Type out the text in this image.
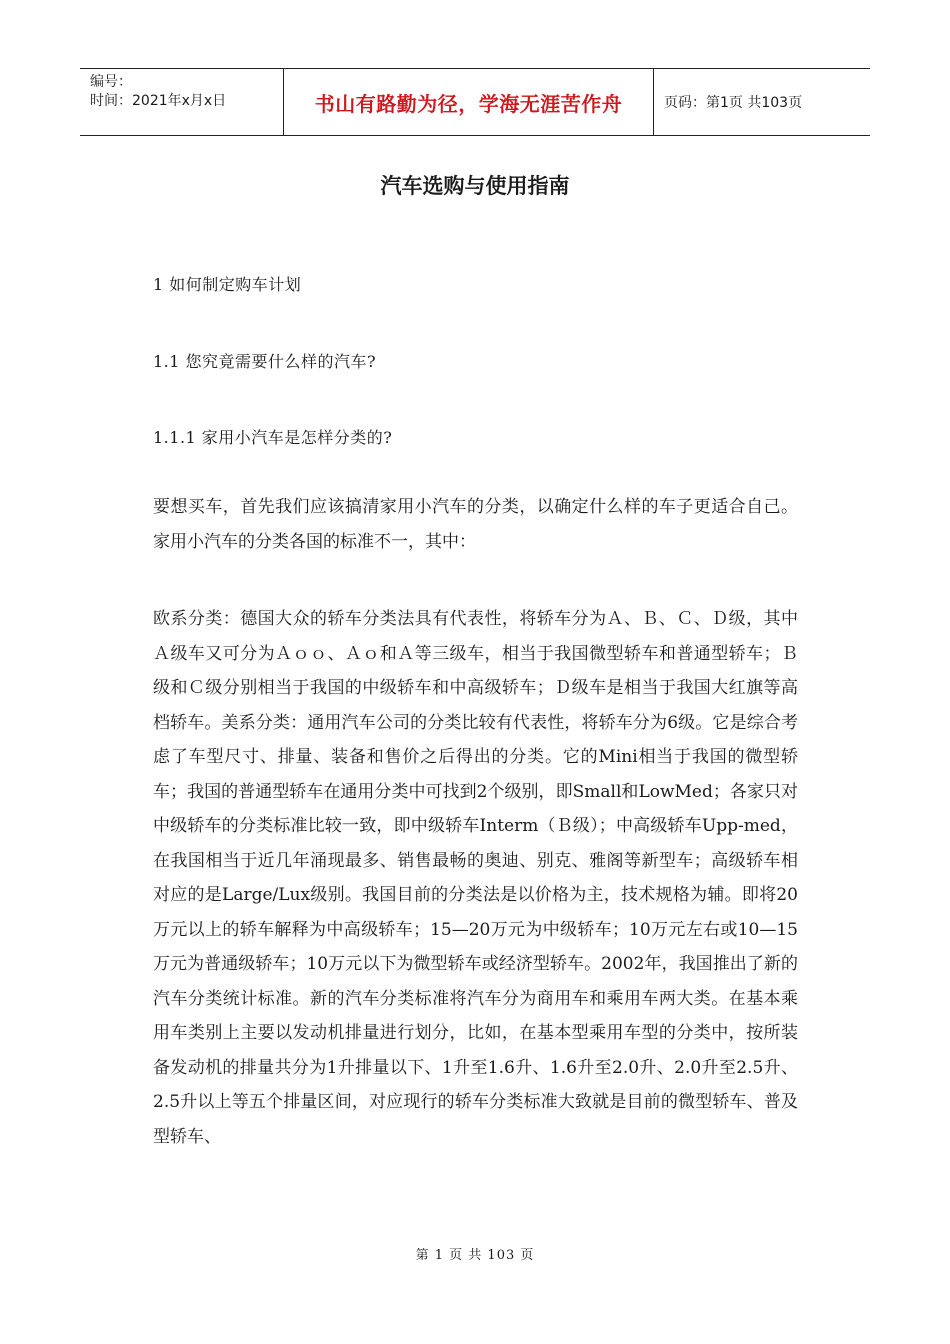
编号：
时间：2021年x月x日	书山有路勤为径，学海无涯苦作舟	页码：第1页 共103页
汽车选购与使用指南
1 如何制定购车计划
1.1 您究竟需要什么样的汽车?
1.1.1 家用小汽车是怎样分类的?
要想买车，首先我们应该搞清家用小汽车的分类，以确定什么样的车子更适合自己。家用小汽车的分类各国的标准不一，其中：
欧系分类：德国大众的轿车分类法具有代表性，将轿车分为Ａ、Ｂ、Ｃ、Ｄ级，其中Ａ级车又可分为Ａｏｏ、Ａｏ和Ａ等三级车，相当于我国微型轿车和普通型轿车；Ｂ级和Ｃ级分别相当于我国的中级轿车和中高级轿车；Ｄ级车是相当于我国大红旗等高档轿车。美系分类：通用汽车公司的分类比较有代表性，将轿车分为6级。它是综合考虑了车型尺寸、排量、装备和售价之后得出的分类。它的Mini相当于我国的微型轿车；我国的普通型轿车在通用分类中可找到2个级别，即Small和LowMed；各家只对中级轿车的分类标准比较一致，即中级轿车Interm（Ｂ级）；中高级轿车Upp-med，在我国相当于近几年涌现最多、销售最畅的奥迪、别克、雅阁等新型车；高级轿车相对应的是Large/Lux级别。我国目前的分类法是以价格为主，技术规格为辅。即将20万元以上的轿车解释为中高级轿车；15—20万元为中级轿车；10万元左右或10—15万元为普通级轿车；10万元以下为微型轿车或经济型轿车。2002年，我国推出了新的汽车分类统计标准。新的汽车分类标准将汽车分为商用车和乘用车两大类。在基本乘用车类别上主要以发动机排量进行划分，比如，在基本型乘用车型的分类中，按所装备发动机的排量共分为1升排量以下、1升至1.6升、1.6升至2.0升、2.0升至2.5升、2.5升以上等五个排量区间，对应现行的轿车分类标准大致就是目前的微型轿车、普及型轿车、
第 1 页 共 103 页
